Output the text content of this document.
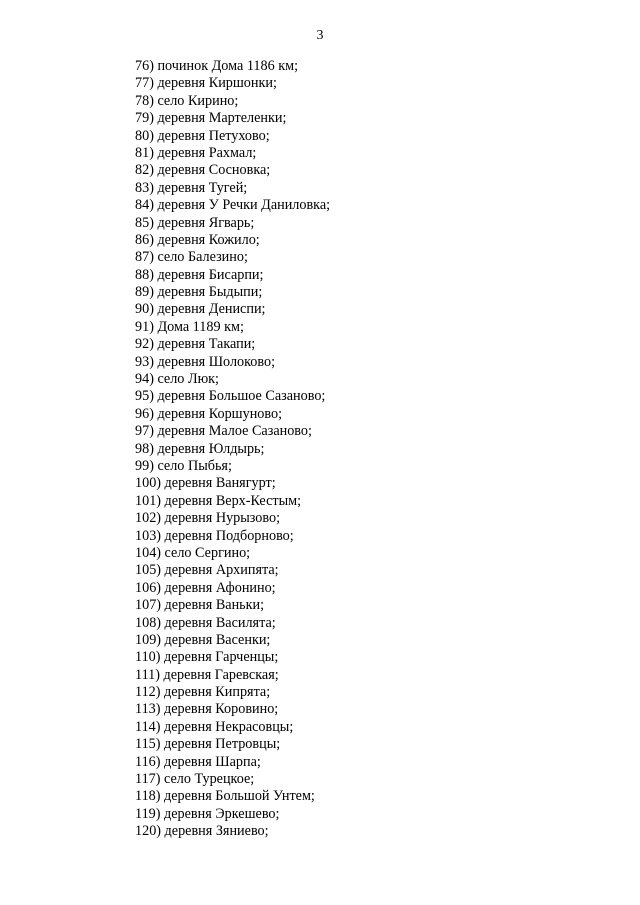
3
76) починок Дома 1186 км;
77) деревня Киршонки;
78) село Кирино;
79) деревня Мартеленки;
80) деревня Петухово;
81) деревня Рахмал;
82) деревня Сосновка;
83) деревня Тугей;
84) деревня У Речки Даниловка;
85) деревня Ягварь;
86) деревня Кожило;
87) село Балезино;
88) деревня Бисарпи;
89) деревня Быдыпи;
90) деревня Дениспи;
91) Дома 1189 км;
92) деревня Такапи;
93) деревня Шолоково;
94) село Люк;
95) деревня Большое Сазаново;
96) деревня Коршуново;
97) деревня Малое Сазаново;
98) деревня Юлдырь;
99) село Пыбья;
100) деревня Ванягурт;
101) деревня Верх-Кестым;
102) деревня Нурызово;
103) деревня Подборново;
104) село Сергино;
105) деревня Архипята;
106) деревня Афонино;
107) деревня Ваньки;
108) деревня Василята;
109) деревня Васенки;
110) деревня Гарченцы;
111) деревня Гаревская;
112) деревня Кипрята;
113) деревня Коровино;
114) деревня Некрасовцы;
115) деревня Петровцы;
116) деревня Шарпа;
117) село Турецкое;
118) деревня Большой Унтем;
119) деревня Эркешево;
120) деревня Зяниево;
